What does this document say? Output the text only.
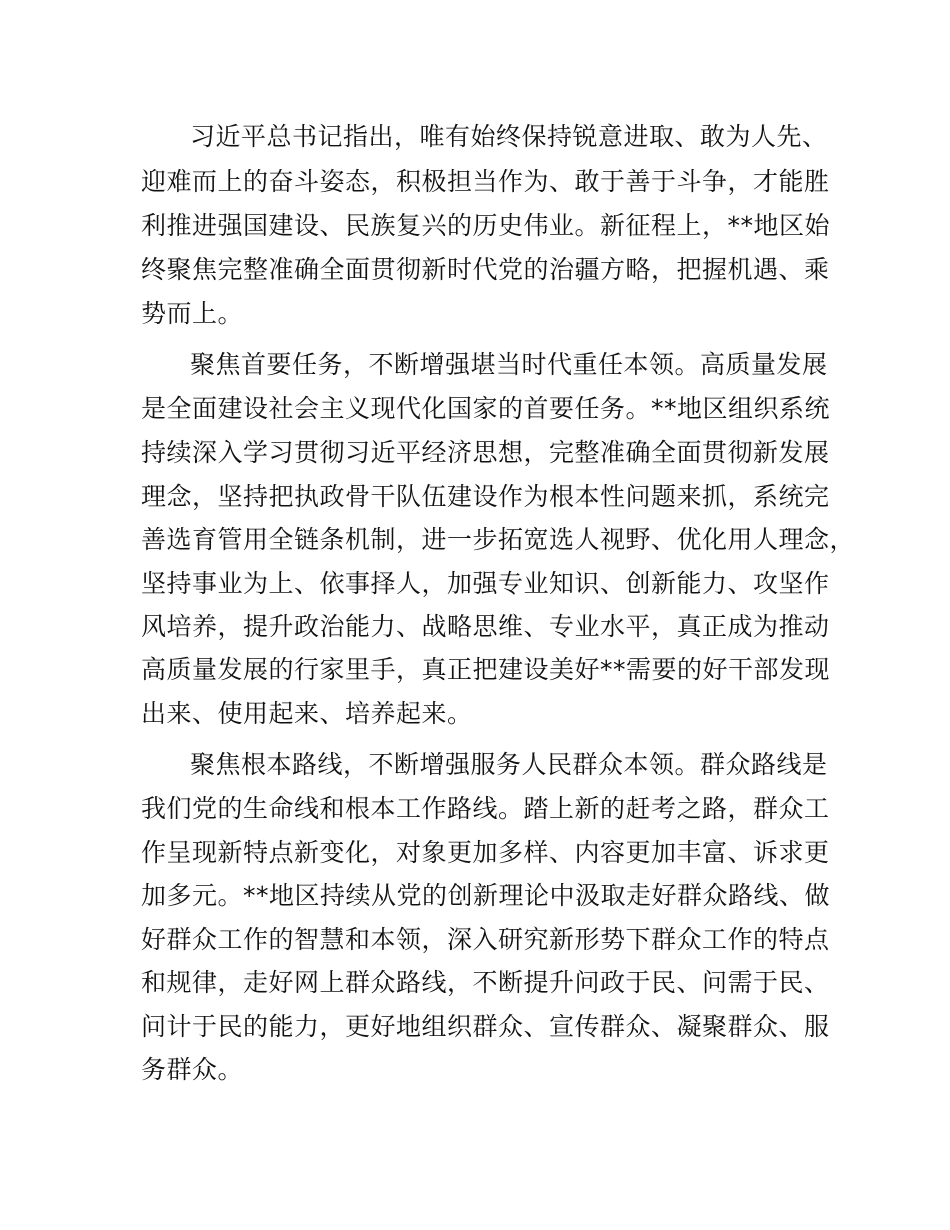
习近平总书记指出，唯有始终保持锐意进取、敢为人先、
迎难而上的奋斗姿态，积极担当作为、敢于善于斗争，才能胜
利推进强国建设、民族复兴的历史伟业。新征程上，**地区始
终聚焦完整准确全面贯彻新时代党的治疆方略，把握机遇、乘
势而上。
聚焦首要任务，不断增强堪当时代重任本领。高质量发展
是全面建设社会主义现代化国家的首要任务。**地区组织系统
持续深入学习贯彻习近平经济思想，完整准确全面贯彻新发展
理念，坚持把执政骨干队伍建设作为根本性问题来抓，系统完
善选育管用全链条机制，进一步拓宽选人视野、优化用人理念，
坚持事业为上、依事择人，加强专业知识、创新能力、攻坚作
风培养，提升政治能力、战略思维、专业水平，真正成为推动
高质量发展的行家里手，真正把建设美好**需要的好干部发现
出来、使用起来、培养起来。
聚焦根本路线，不断增强服务人民群众本领。群众路线是
我们党的生命线和根本工作路线。踏上新的赶考之路，群众工
作呈现新特点新变化，对象更加多样、内容更加丰富、诉求更
加多元。**地区持续从党的创新理论中汲取走好群众路线、做
好群众工作的智慧和本领，深入研究新形势下群众工作的特点
和规律，走好网上群众路线，不断提升问政于民、问需于民、
问计于民的能力，更好地组织群众、宣传群众、凝聚群众、服
务群众。
